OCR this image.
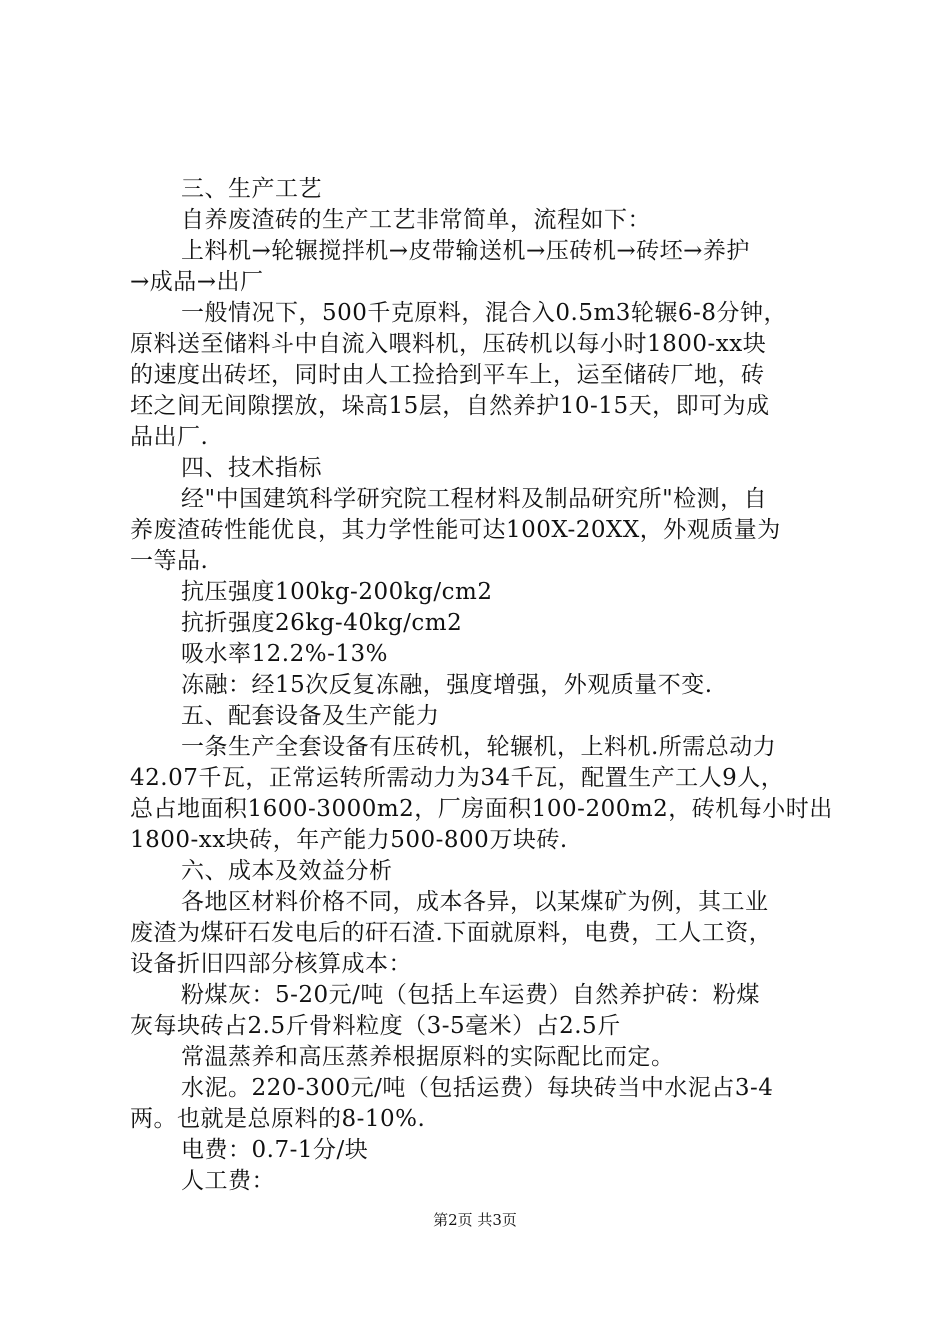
三、生产工艺

自养废渣砖的生产工艺非常简单，流程如下：

上料机→轮辗搅拌机→皮带输送机→压砖机→砖坯→养护

→成品→出厂

一般情况下，500千克原料，混合入0.5m3轮辗6-8分钟，

原料送至储料斗中自流入喂料机，压砖机以每小时1800-xx块

的速度出砖坯，同时由人工捡拾到平车上，运至储砖厂地，砖

坯之间无间隙摆放，垛高15层，自然养护10-15天，即可为成

品出厂.

四、技术指标

经"中国建筑科学研究院工程材料及制品研究所"检测，自

养废渣砖性能优良，其力学性能可达100X-20XX，外观质量为

一等品.

抗压强度100kg-200kg/cm2

抗折强度26kg-40kg/cm2

吸水率12.2%-13%

冻融：经15次反复冻融，强度增强，外观质量不变.

五、配套设备及生产能力

一条生产全套设备有压砖机，轮辗机，上料机.所需总动力

42.07千瓦，正常运转所需动力为34千瓦，配置生产工人9人，

总占地面积1600-3000m2，厂房面积100-200m2，砖机每小时出

1800-xx块砖，年产能力500-800万块砖.

六、成本及效益分析

各地区材料价格不同，成本各异，以某煤矿为例，其工业

废渣为煤矸石发电后的矸石渣.下面就原料，电费，工人工资，

设备折旧四部分核算成本：

粉煤灰：5-20元/吨（包括上车运费）自然养护砖：粉煤

灰每块砖占2.5斤骨料粒度（3-5毫米）占2.5斤

常温蒸养和高压蒸养根据原料的实际配比而定。

水泥。220-300元/吨（包括运费）每块砖当中水泥占3-4

两。也就是总原料的8-10%.

电费：0.7-1分/块

人工费：

第2页 共3页
